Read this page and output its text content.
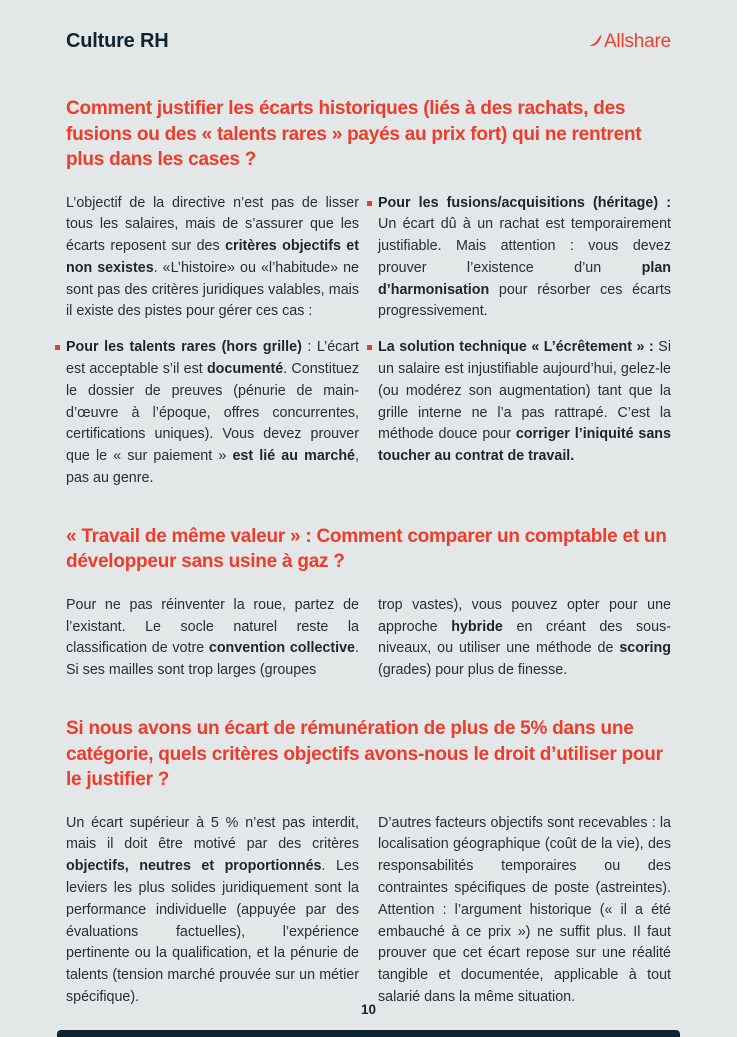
Culture RH	Allshare
Comment justifier les écarts historiques (liés à des rachats, des fusions ou des « talents rares » payés au prix fort) qui ne rentrent plus dans les cases ?
L’objectif de la directive n’est pas de lisser tous les salaires, mais de s’assurer que les écarts reposent sur des critères objectifs et non sexistes. «L’histoire» ou «l’habitude» ne sont pas des critères juridiques valables, mais il existe des pistes pour gérer ces cas :
Pour les talents rares (hors grille) : L’écart est acceptable s’il est documenté. Constituez le dossier de preuves (pénurie de main-d’œuvre à l’époque, offres concurrentes, certifications uniques). Vous devez prouver que le « sur paiement » est lié au marché, pas au genre.
Pour les fusions/acquisitions (héritage) : Un écart dû à un rachat est temporairement justifiable. Mais attention : vous devez prouver l’existence d’un plan d’harmonisation pour résorber ces écarts progressivement.
La solution technique « L’écrêtement » : Si un salaire est injustifiable aujourd’hui, gelez-le (ou modérez son augmentation) tant que la grille interne ne l’a pas rattrapé. C’est la méthode douce pour corriger l’iniquité sans toucher au contrat de travail.
« Travail de même valeur » : Comment comparer un comptable et un développeur sans usine à gaz ?
Pour ne pas réinventer la roue, partez de l’existant. Le socle naturel reste la classification de votre convention collective. Si ses mailles sont trop larges (groupes
trop vastes), vous pouvez opter pour une approche hybride en créant des sous-niveaux, ou utiliser une méthode de scoring (grades) pour plus de finesse.
Si nous avons un écart de rémunération de plus de 5% dans une catégorie, quels critères objectifs avons-nous le droit d’utiliser pour le justifier ?
Un écart supérieur à 5 % n’est pas interdit, mais il doit être motivé par des critères objectifs, neutres et proportionnés. Les leviers les plus solides juridiquement sont la performance individuelle (appuyée par des évaluations factuelles), l’expérience pertinente ou la qualification, et la pénurie de talents (tension marché prouvée sur un métier spécifique).
D’autres facteurs objectifs sont recevables : la localisation géographique (coût de la vie), des responsabilités temporaires ou des contraintes spécifiques de poste (astreintes). Attention : l’argument historique (« il a été embauché à ce prix ») ne suffit plus. Il faut prouver que cet écart repose sur une réalité tangible et documentée, applicable à tout salarié dans la même situation.
10
